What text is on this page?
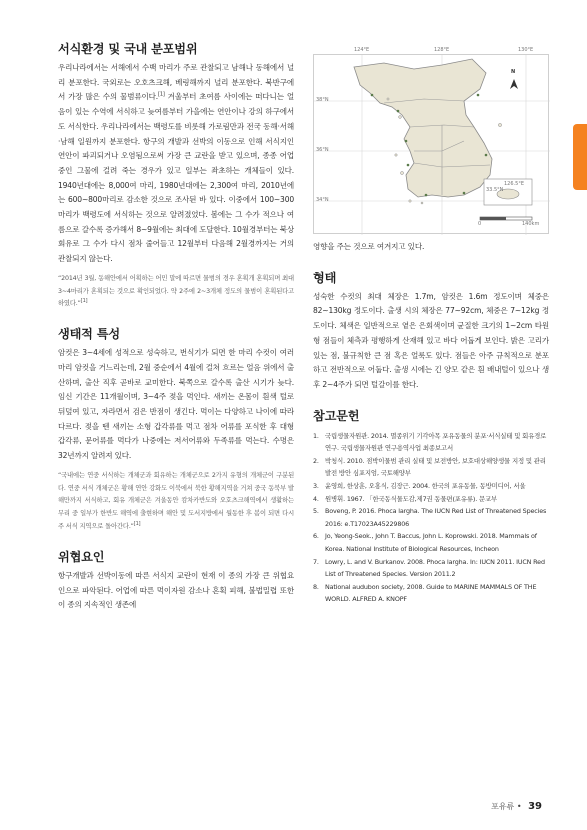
서식환경 및 국내 분포범위

우리나라에서는 서해에서 수백 마리가 주로 관찰되고 남해나 동해에서 널리 분포한다. 국외로는 오호츠크해, 베링해까지 널리 분포한다. 북반구에서 가장 많은 수의 물범류이다.[1] 겨울부터 초여름 사이에는 떠다니는 얼음이 있는 수역에 서식하고 늦여름부터 가을에는 연안이나 강의 하구에서도 서식한다. 우리나라에서는 백령도를 비롯해 가로림만과 전국 동해·서해·남해 일원까지 분포한다. 항구의 개발과 선박의 이동으로 인해 서식지인 연안이 파괴되거나 오염됨으로써 가장 큰 교란을 받고 있으며, 종종 어업 중인 그물에 걸려 죽는 경우가 있고 일부는 좌초하는 개체들이 있다. 1940년대에는 8,000여 마리, 1980년대에는 2,300여 마리, 2010년에는 600~800마리로 감소한 것으로 조사된 바 있다. 이중에서 100~300마리가 백령도에 서식하는 것으로 알려졌었다. 봄에는 그 수가 적으나 여름으로 갈수록 증가해서 8~9월에는 최대에 도달한다. 10월경부터는 북상회유로 그 수가 다시 점차 줄어들고 12월부터 다음해 2월경까지는 거의 관찰되지 않는다.

“2014년 3월, 동해안에서 어획하는 어민 말에 따르면 물범의 경우 혼획개 혼획되며 최대 3~4마리가 혼획되는 것으로 확인되었다. 약 2주에 2~3개체 정도의 물범이 혼획된다고 하였다.”[1]

생태적 특성

암컷은 3~4세에 성적으로 성숙하고, 번식기가 되면 한 마리 수컷이 여러 마리 암컷을 거느리는데, 2월 중순에서 4월에 걸쳐 흐르는 얼음 위에서 출산하며, 출산 직후 곧바로 교미한다. 북쪽으로 갈수록 출산 시기가 늦다. 임신 기간은 11개월이며, 3~4주 젖을 먹인다. 새끼는 온몸이 흰색 털로 뒤덮여 있고, 자라면서 검은 반점이 생긴다. 먹이는 다양하고 나이에 따라 다르다. 젖을 뗀 새끼는 소형 갑각류를 먹고 점차 어류를 포식한 후 대형 갑각류, 문어류를 먹다가 나중에는 저서어류와 두족류를 먹는다. 수명은 32년까지 알려져 있다.

“국내에는 연중 서식하는 개체군과 회유하는 개체군으로 2가지 유형의 개체군이 구분된다. 연중 서식 개체군은 황해 연안 강화도 이북에서 북한 황해지역을 거쳐 중국 동북부 발해만까지 서식하고, 회유 개체군은 겨울동안 캄차카반도와 오호츠크해역에서 생활하는 무리 중 일부가 한반도 해역에 출현하며 해안 및 도서지방에서 월동한 후 봄이 되면 다시 주 서식 지역으로 돌아간다.”[1]

위협요인

항구개발과 선박이동에 따른 서식지 교란이 현재 이 종의 가장 큰 위협요인으로 파악된다. 어업에 따른 먹이자원 감소나 혼획 피해, 불법밀렵 또한 이 종의 지속적인 생존에

124°E	128°E	130°E
38°N
36°N
34°N
N
126.5°E
33.5°N
0	140km

영향을 주는 것으로 여겨지고 있다.

형태

성숙한 수컷의 최대 체장은 1.7m, 암컷은 1.6m 정도이며 체중은 82~130kg 정도이다. 출생 시의 체장은 77~92cm, 체중은 7~12kg 정도이다. 체색은 일반적으로 옅은 은회색이며 균질한 크기의 1~2cm 타원형 점들이 체측과 평행하게 산재해 있고 바다 어둡게 보인다. 밝은 고리가 있는 점, 불규칙한 큰 점 혹은 얼룩도 있다. 점들은 아주 규칙적으로 분포하고 전반적으로 어둡다. 출생 시에는 긴 양모 같은 흰 배내털이 있으나 생후 2~4주가 되면 털갈이를 한다.

참고문헌
1. 국립생물자원관. 2014. 멸종위기 기각아목 포유동물의 분포·서식실태 및 회유경로 연구. 국립생물자원관 연구용역사업 최종보고서
2. 박청식. 2010. 점박이물범 관리 실태 및 보전방안, 보호대상해양생물 지정 및 관리 발전 방안 심포지엄, 국토해양부
3. 윤영희, 한상훈, 오홍식, 김장근. 2004. 한국의 포유동물, 동방미디어, 서울
4. 원병휘. 1967. 「한국동식물도감,제7권 동물편(포유류). 문교부
5. Boveng, P. 2016. Phoca largha. The IUCN Red List of Threatened Species 2016: e.T17023A45229806
6. Jo, Yeong-Seok., John T. Baccus, John L. Koprowski. 2018. Mammals of Korea. National Institute of Biological Resources, Incheon
7. Lowry, L. and V. Burkanov. 2008. Phoca largha. In: IUCN 2011. IUCN Red List of Threatened Species. Version 2011.2
8. National audubon society, 2008. Guide to MARINE MAMMALS OF THE WORLD. ALFRED A. KNOPF
포유류 • 39
